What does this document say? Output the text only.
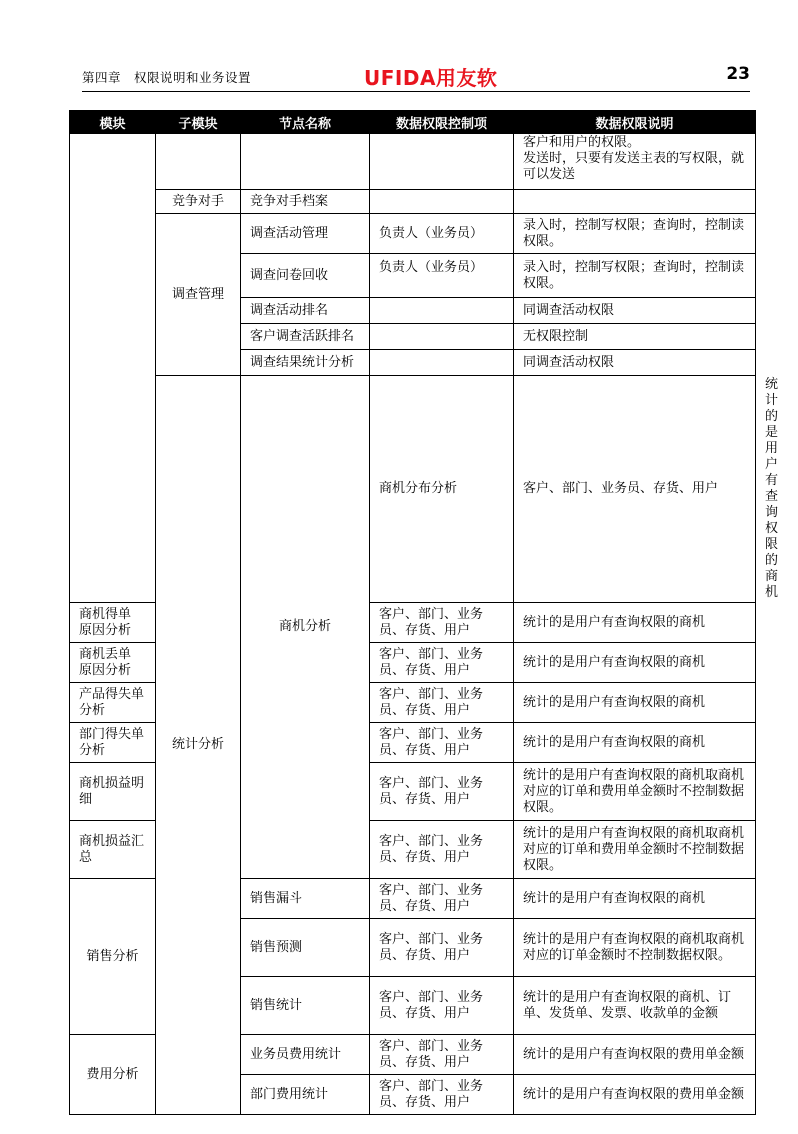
第四章　权限说明和业务设置	UFIDA用友软	23
模块	子模块	节点名称	数据权限控制项	数据权限说明	
				客户和用户的权限。
发送时，只要有发送主表的写权限，就可以发送	
	竞争对手	竞争对手档案			
	调查管理	调查活动管理	负责人（业务员）	录入时，控制写权限；查询时，控制读权限。	
		调查问卷回收	负责人（业务员）	录入时，控制写权限；查询时，控制读权限。	
		调查活动排名		同调查活动权限	
		客户调查活跃排名		无权限控制	
		调查结果统计分析		同调查活动权限	
	统计分析	商机分析	商机分布分析	客户、部门、业务员、存货、用户	统计的是用户有查询权限的商机
商机得单
原因分析			客户、部门、业务员、存货、用户	统计的是用户有查询权限的商机	
商机丢单
原因分析			客户、部门、业务员、存货、用户	统计的是用户有查询权限的商机	
产品得失单分析			客户、部门、业务员、存货、用户	统计的是用户有查询权限的商机	
部门得失单分析			客户、部门、业务员、存货、用户	统计的是用户有查询权限的商机	
商机损益明细			客户、部门、业务员、存货、用户	统计的是用户有查询权限的商机取商机对应的订单和费用单金额时不控制数据权限。	
商机损益汇总			客户、部门、业务员、存货、用户	统计的是用户有查询权限的商机取商机对应的订单和费用单金额时不控制数据权限。	
销售分析		销售漏斗	客户、部门、业务员、存货、用户	统计的是用户有查询权限的商机	
		销售预测	客户、部门、业务员、存货、用户	统计的是用户有查询权限的商机取商机对应的订单金额时不控制数据权限。	
		销售统计	客户、部门、业务员、存货、用户	统计的是用户有查询权限的商机、订单、发货单、发票、收款单的金额	
费用分析		业务员费用统计	客户、部门、业务员、存货、用户	统计的是用户有查询权限的费用单金额	
		部门费用统计	客户、部门、业务员、存货、用户	统计的是用户有查询权限的费用单金额	
